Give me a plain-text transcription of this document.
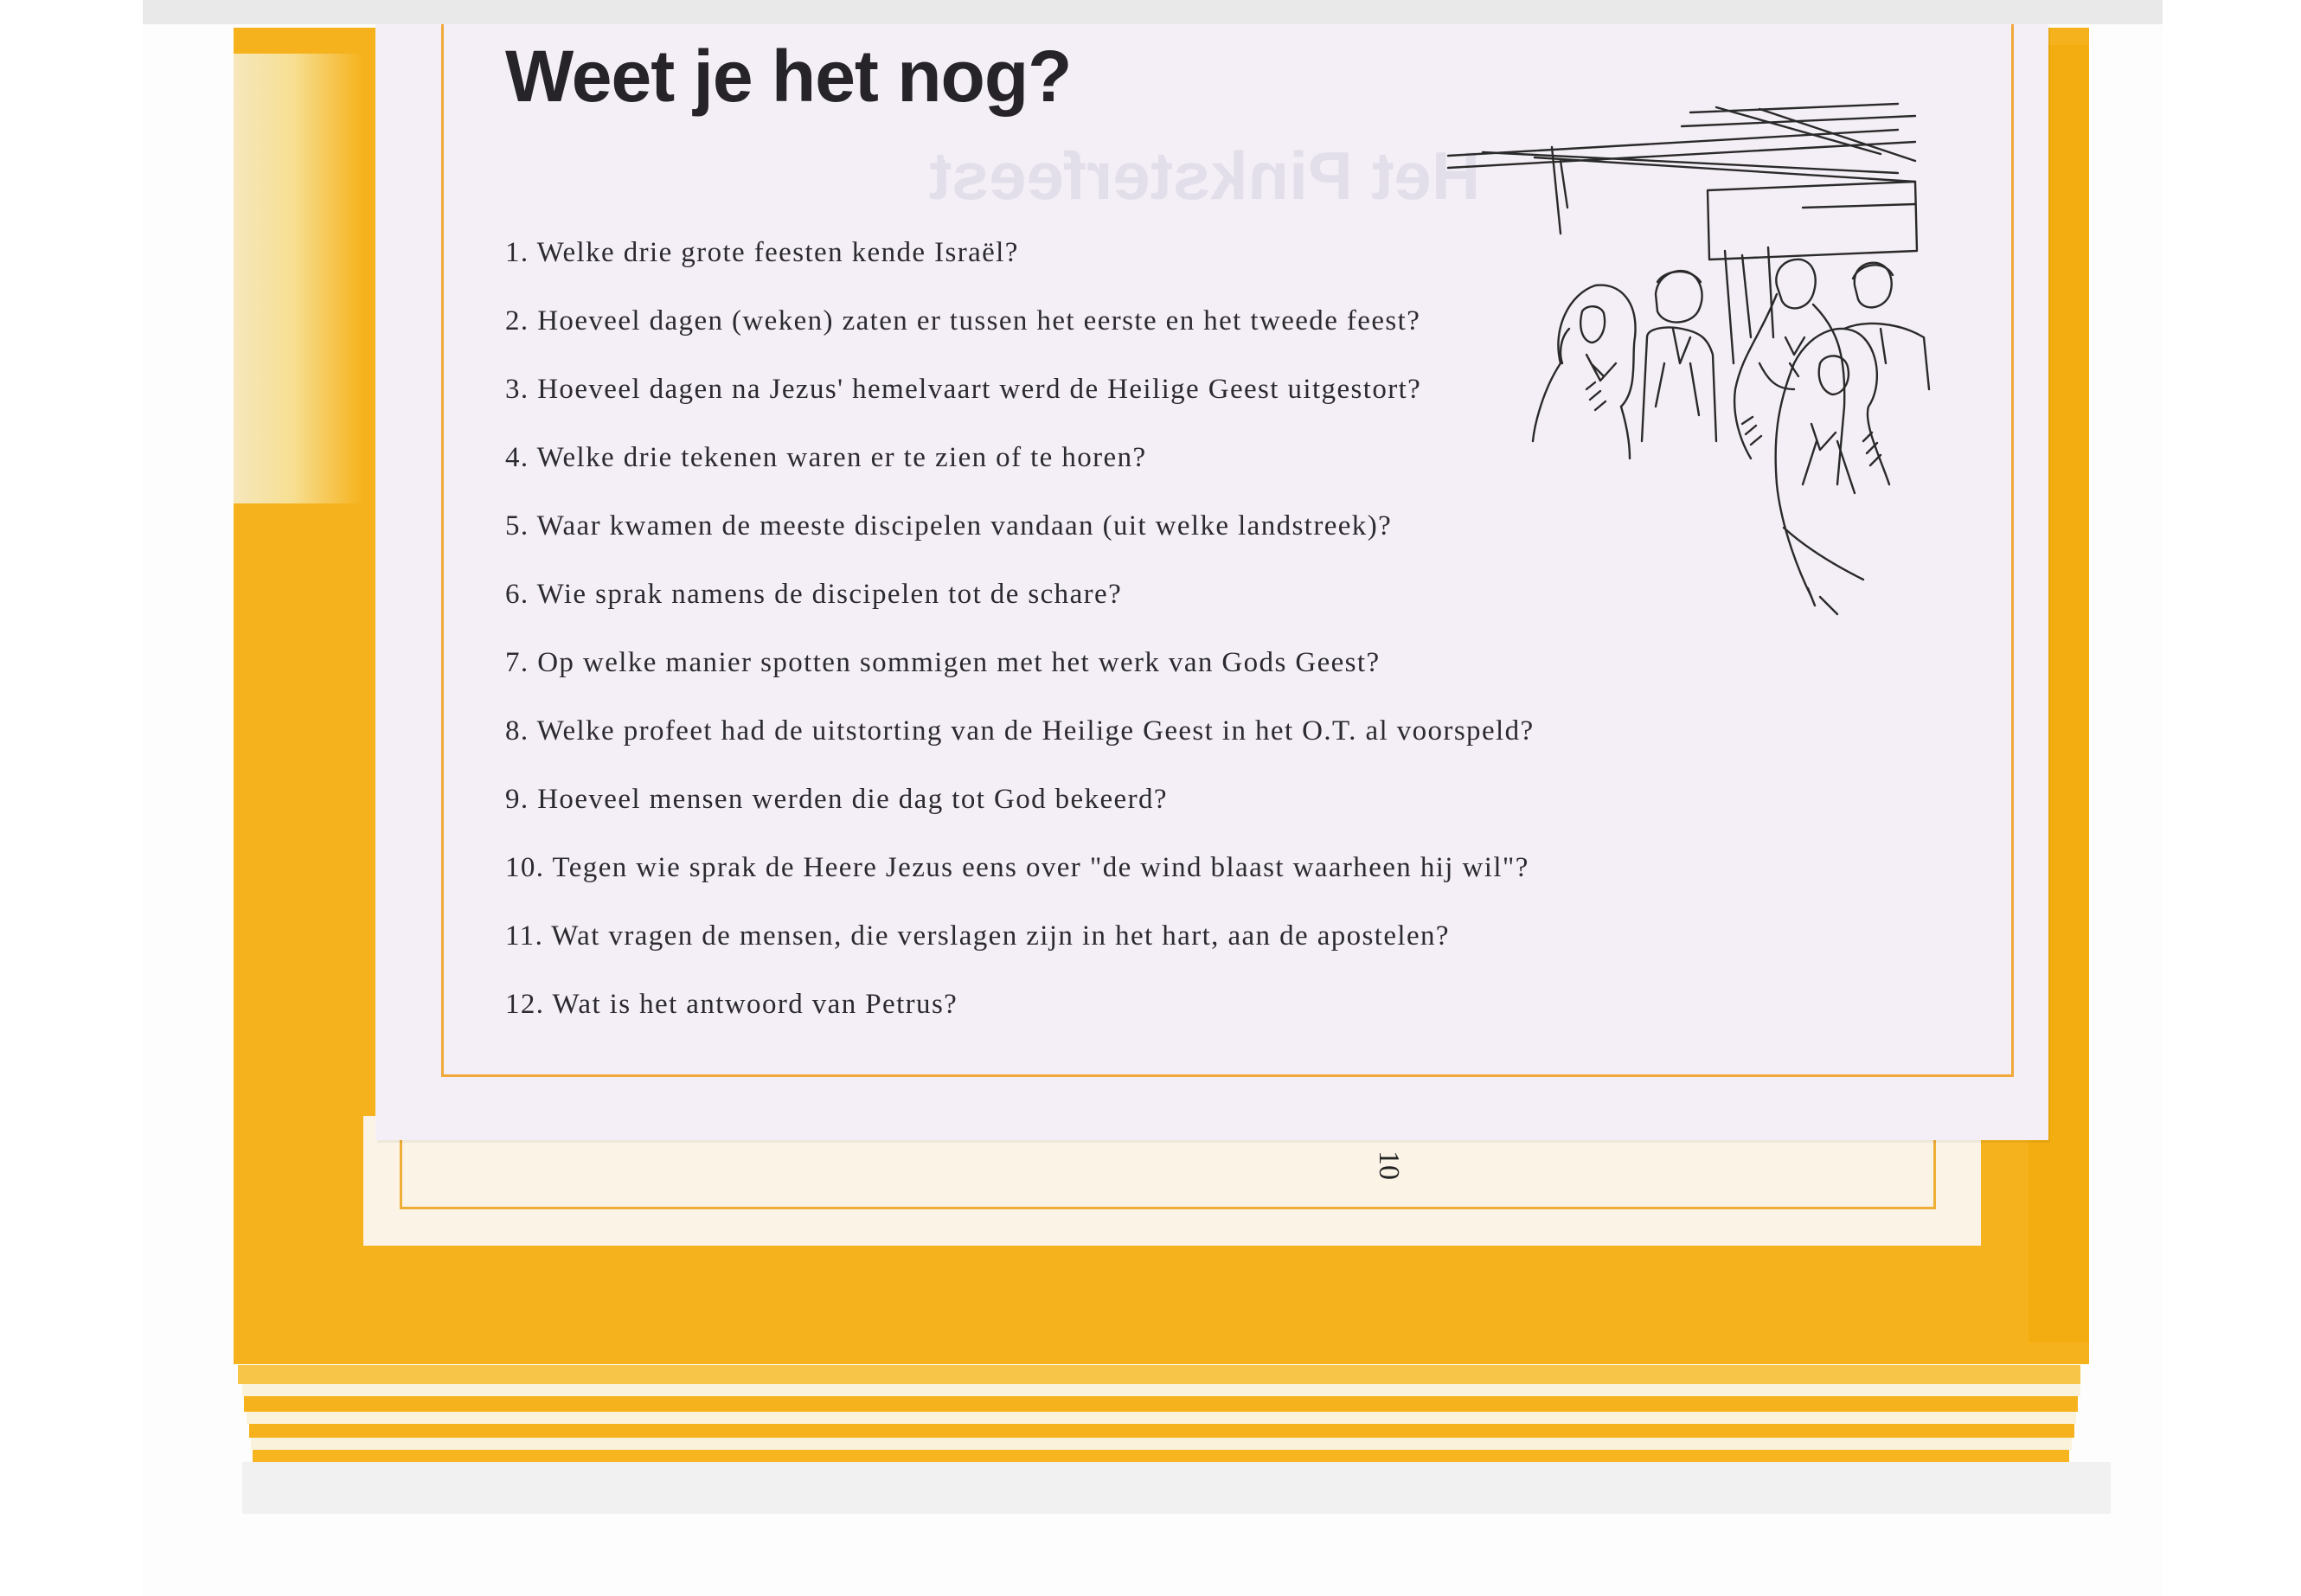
10
Het Pinksterfeest
Weet je het nog?
1. Welke drie grote feesten kende Israël?
2. Hoeveel dagen (weken) zaten er tussen het eerste en het tweede feest?
3. Hoeveel dagen na Jezus' hemelvaart werd de Heilige Geest uitgestort?
4. Welke drie tekenen waren er te zien of te horen?
5. Waar kwamen de meeste discipelen vandaan (uit welke landstreek)?
6. Wie sprak namens de discipelen tot de schare?
7. Op welke manier spotten sommigen met het werk van Gods Geest?
8. Welke profeet had de uitstorting van de Heilige Geest in het O.T. al voorspeld?
9. Hoeveel mensen werden die dag tot God bekeerd?
10. Tegen wie sprak de Heere Jezus eens over "de wind blaast waarheen hij wil"?
11. Wat vragen de mensen, die verslagen zijn in het hart, aan de apostelen?
12. Wat is het antwoord van Petrus?
